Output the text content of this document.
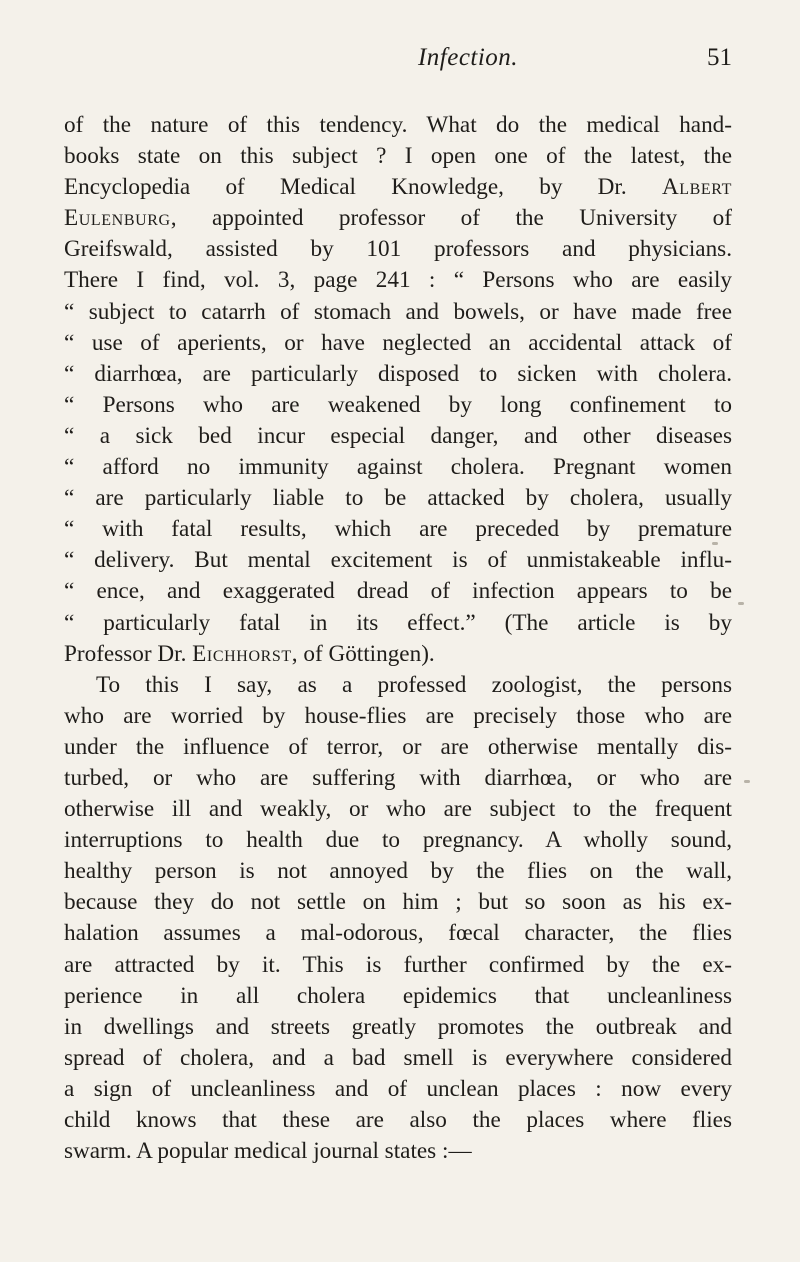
Infection.	51
of the nature of this tendency. What do the medical hand-
books state on this subject ? I open one of the latest, the
Encyclopedia of Medical Knowledge, by Dr. Albert
Eulenburg, appointed professor of the University of
Greifswald, assisted by 101 professors and physicians.
There I find, vol. 3, page 241 : “ Persons who are easily
“ subject to catarrh of stomach and bowels, or have made free
“ use of aperients, or have neglected an accidental attack of
“ diarrhœa, are particularly disposed to sicken with cholera.
“ Persons who are weakened by long confinement to
“ a sick bed incur especial danger, and other diseases
“ afford no immunity against cholera. Pregnant women
“ are particularly liable to be attacked by cholera, usually
“ with fatal results, which are preceded by premature
“ delivery. But mental excitement is of unmistakeable influ-
“ ence, and exaggerated dread of infection appears to be
“ particularly fatal in its effect.” (The article is by
Professor Dr. Eichhorst, of Göttingen).
To this I say, as a professed zoologist, the persons
who are worried by house-flies are precisely those who are
under the influence of terror, or are otherwise mentally dis-
turbed, or who are suffering with diarrhœa, or who are
otherwise ill and weakly, or who are subject to the frequent
interruptions to health due to pregnancy. A wholly sound,
healthy person is not annoyed by the flies on the wall,
because they do not settle on him ; but so soon as his ex-
halation assumes a mal-odorous, fœcal character, the flies
are attracted by it. This is further confirmed by the ex-
perience in all cholera epidemics that uncleanliness
in dwellings and streets greatly promotes the outbreak and
spread of cholera, and a bad smell is everywhere considered
a sign of uncleanliness and of unclean places : now every
child knows that these are also the places where flies
swarm. A popular medical journal states :—
